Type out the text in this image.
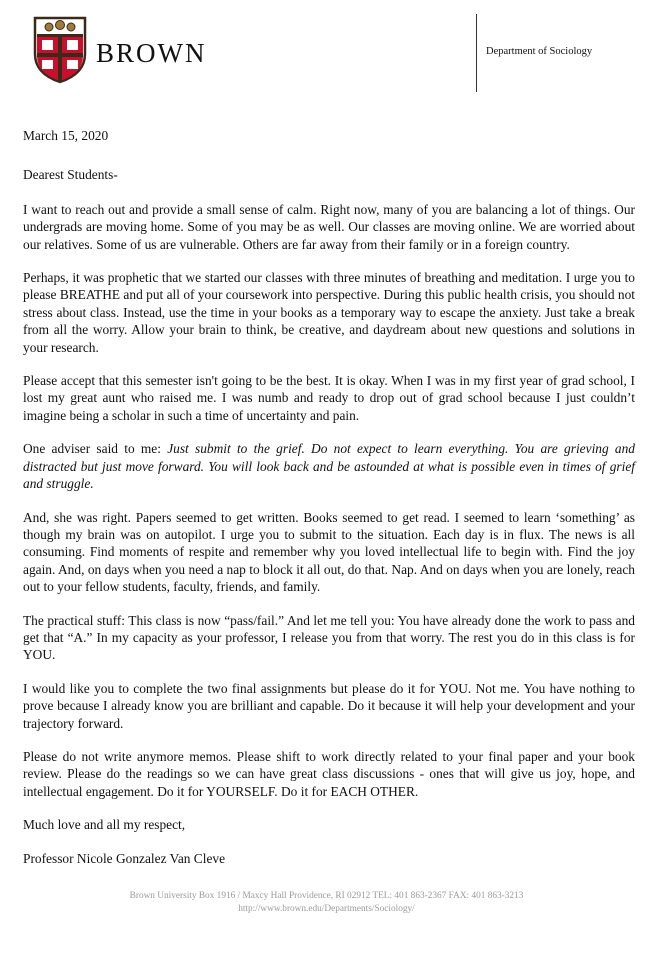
BROWN	Department of Sociology

March 15, 2020

Dearest Students-

I want to reach out and provide a small sense of calm. Right now, many of you are balancing a lot of things. Our undergrads are moving home. Some of you may be as well. Our classes are moving online. We are worried about our relatives. Some of us are vulnerable. Others are far away from their family or in a foreign country.

Perhaps, it was prophetic that we started our classes with three minutes of breathing and meditation. I urge you to please BREATHE and put all of your coursework into perspective. During this public health crisis, you should not stress about class. Instead, use the time in your books as a temporary way to escape the anxiety. Just take a break from all the worry. Allow your brain to think, be creative, and daydream about new questions and solutions in your research.

Please accept that this semester isn't going to be the best. It is okay. When I was in my first year of grad school, I lost my great aunt who raised me. I was numb and ready to drop out of grad school because I just couldn’t imagine being a scholar in such a time of uncertainty and pain.

One adviser said to me: Just submit to the grief. Do not expect to learn everything. You are grieving and distracted but just move forward. You will look back and be astounded at what is possible even in times of grief and struggle.

And, she was right. Papers seemed to get written. Books seemed to get read. I seemed to learn ‘something’ as though my brain was on autopilot. I urge you to submit to the situation. Each day is in flux. The news is all consuming. Find moments of respite and remember why you loved intellectual life to begin with. Find the joy again. And, on days when you need a nap to block it all out, do that. Nap. And on days when you are lonely, reach out to your fellow students, faculty, friends, and family.

The practical stuff: This class is now “pass/fail.” And let me tell you: You have already done the work to pass and get that “A.” In my capacity as your professor, I release you from that worry. The rest you do in this class is for YOU.

I would like you to complete the two final assignments but please do it for YOU. Not me. You have nothing to prove because I already know you are brilliant and capable. Do it because it will help your development and your trajectory forward.

Please do not write anymore memos. Please shift to work directly related to your final paper and your book review. Please do the readings so we can have great class discussions - ones that will give us joy, hope, and intellectual engagement. Do it for YOURSELF. Do it for EACH OTHER.

Much love and all my respect,

Professor Nicole Gonzalez Van Cleve

Brown University Box 1916 / Maxcy Hall Providence, RI 02912 TEL: 401 863-2367 FAX: 401 863-3213
http://www.brown.edu/Departments/Sociology/
